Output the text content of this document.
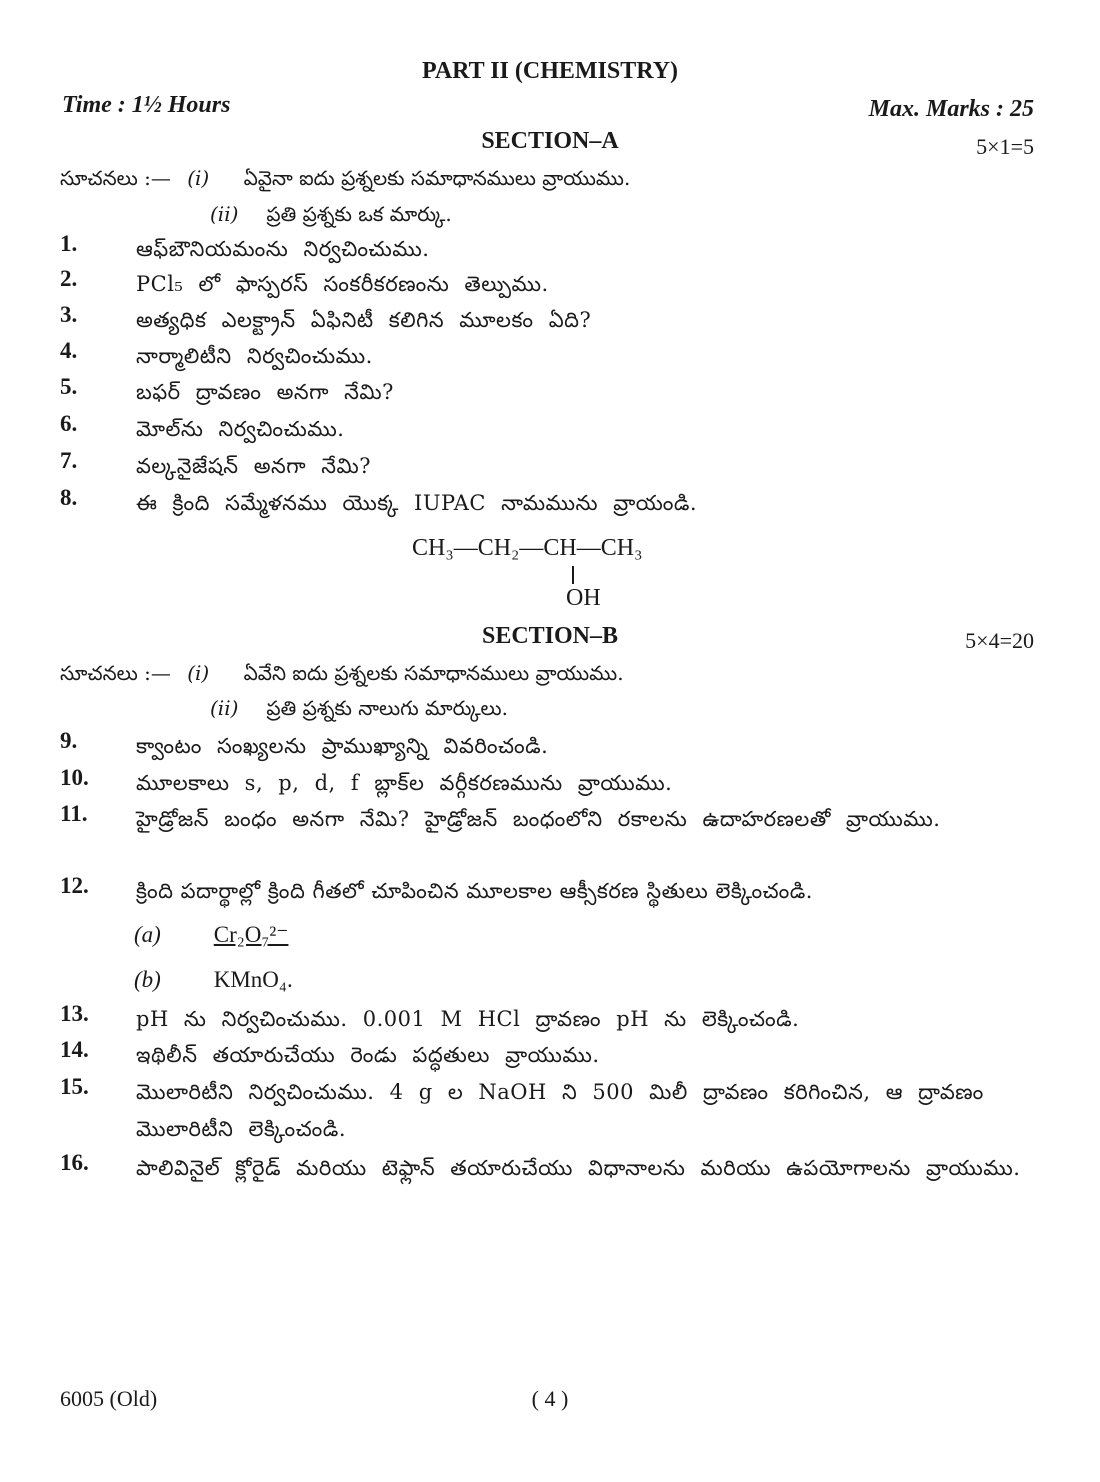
PART II (CHEMISTRY)
Time : 1½ Hours	Max. Marks : 25
SECTION–A	5×1=5
సూచనలు :— (i) ఏవైనా ఐదు ప్రశ్నలకు సమాధానములు వ్రాయుము.
(ii) ప్రతి ప్రశ్నకు ఒక మార్కు.
1.	ఆఫ్‌బౌనియమంను నిర్వచించుము.
2.	PCl₅ లో ఫాస్పరస్ సంకరీకరణంను తెల్పుము.
3.	అత్యధిక ఎలక్ట్రాన్ ఏఫినిటీ కలిగిన మూలకం ఏది?
4.	నార్మాలిటీని నిర్వచించుము.
5.	బఫర్ ద్రావణం అనగా నేమి?
6.	మోల్‌ను నిర్వచించుము.
7.	వల్కనైజేషన్ అనగా నేమి?
8.	ఈ క్రింది సమ్మేళనము యొక్క IUPAC నామమును వ్రాయండి.
CH₃—CH₂—CH—CH₃
OH
SECTION–B	5×4=20
సూచనలు :— (i) ఏవేని ఐదు ప్రశ్నలకు సమాధానములు వ్రాయుము.
(ii) ప్రతి ప్రశ్నకు నాలుగు మార్కులు.
9.	క్వాంటం సంఖ్యలను ప్రాముఖ్యాన్ని వివరించండి.
10. మూలకాలు s, p, d, f బ్లాక్‌ల వర్గీకరణమును వ్రాయుము.
11. హైడ్రోజన్ బంధం అనగా నేమి? హైడ్రోజన్ బంధంలోని రకాలను ఉదాహరణలతో వ్రాయుము.
12. క్రింది పదార్థాల్లో క్రింది గీతలో చూపించిన మూలకాల ఆక్సీకరణ స్థితులు లెక్కించండి.
(a) Cr₂O₇²⁻
(b) KMnO₄.
13. pH ను నిర్వచించుము. 0.001 M HCl ద్రావణం pH ను లెక్కించండి.
14. ఇథిలీన్ తయారుచేయు రెండు పద్ధతులు వ్రాయుము.
15. మొలారిటీని నిర్వచించుము. 4 g ల NaOH ని 500 మిలీ ద్రావణం కరిగించిన, ఆ ద్రావణం మొలారిటీని లెక్కించండి.
16. పాలివినైల్ క్లోరైడ్ మరియు టెఫ్లాన్ తయారుచేయు విధానాలను మరియు ఉపయోగాలను వ్రాయుము.
6005 (Old)	( 4 )
